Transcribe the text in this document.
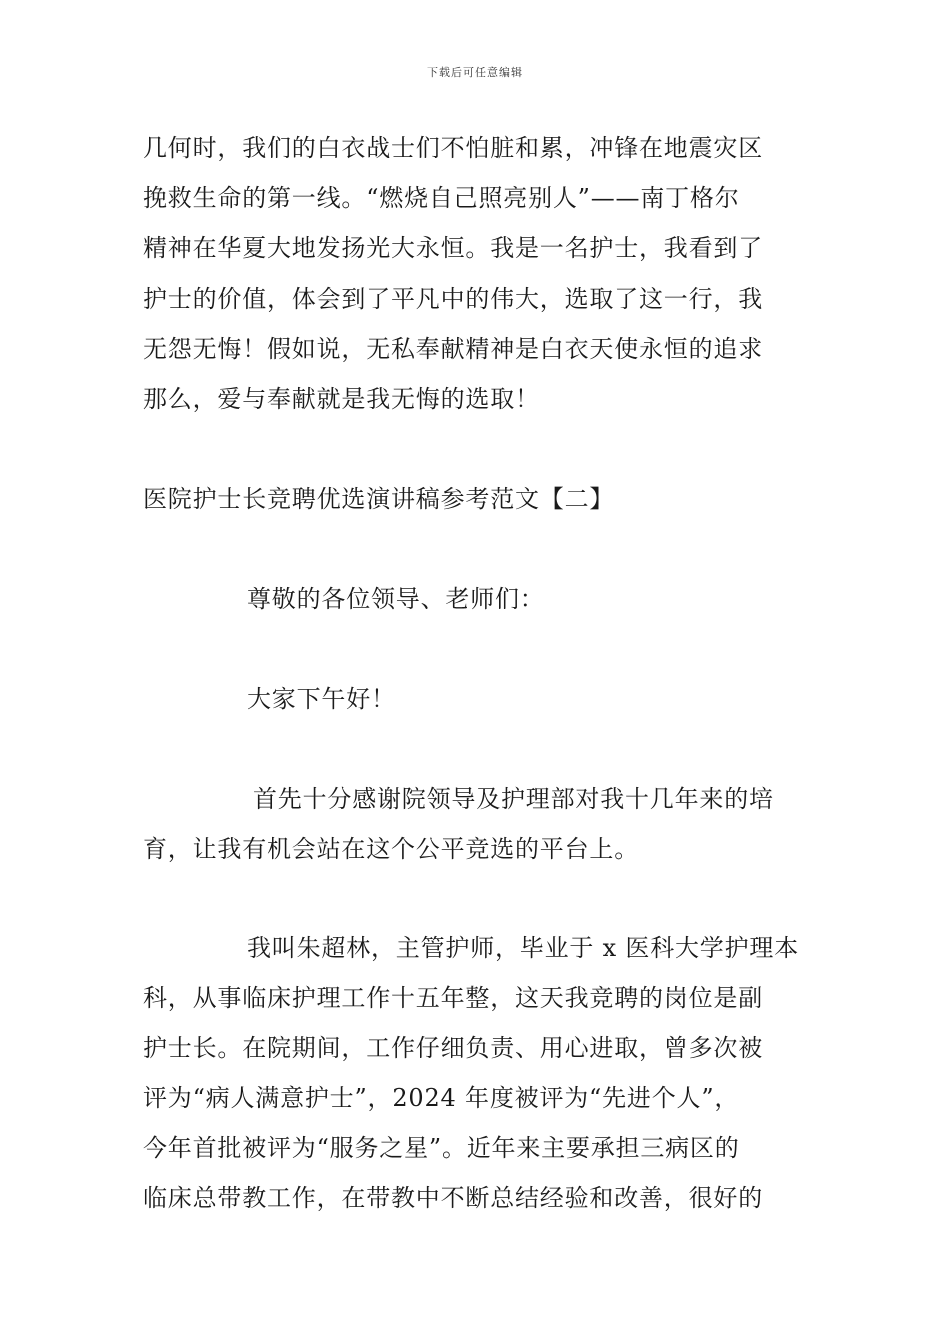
下载后可任意编辑
几何时，我们的白衣战士们不怕脏和累，冲锋在地震灾区
挽救生命的第一线。“燃烧自己照亮别人”——南丁格尔
精神在华夏大地发扬光大永恒。我是一名护士，我看到了
护士的价值，体会到了平凡中的伟大，选取了这一行，我
无怨无悔！假如说，无私奉献精神是白衣天使永恒的追求
那么，爱与奉献就是我无悔的选取！
医院护士长竞聘优选演讲稿参考范文【二】
尊敬的各位领导、老师们：
大家下午好！
首先十分感谢院领导及护理部对我十几年来的培
育，让我有机会站在这个公平竞选的平台上。
我叫朱超林，主管护师，毕业于 x 医科大学护理本
科，从事临床护理工作十五年整，这天我竞聘的岗位是副
护士长。在院期间，工作仔细负责、用心进取，曾多次被
评为“病人满意护士”，2024 年度被评为“先进个人”，
今年首批被评为“服务之星”。近年来主要承担三病区的
临床总带教工作，在带教中不断总结经验和改善，很好的
